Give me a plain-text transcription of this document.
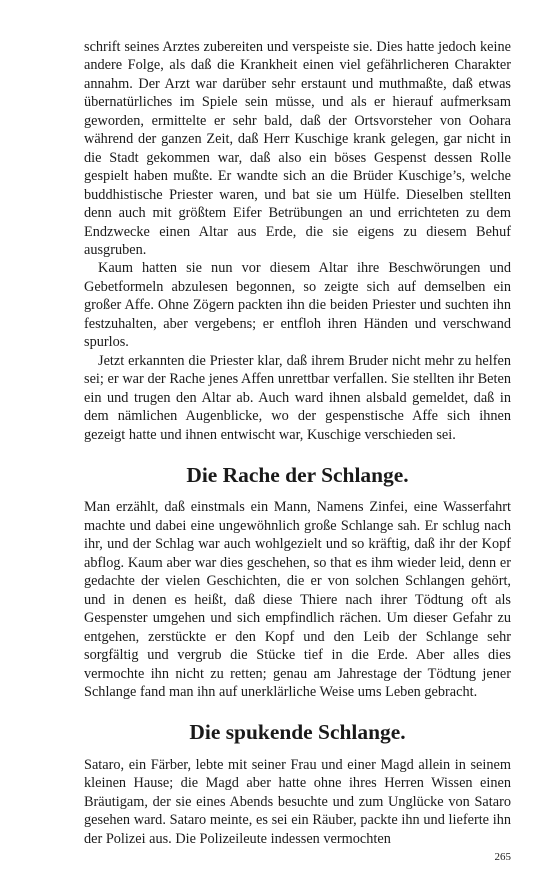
schrift seines Arztes zubereiten und verspeiste sie. Dies hatte jedoch keine andere Folge, als daß die Krankheit einen viel gefährlicheren Charakter annahm. Der Arzt war darüber sehr erstaunt und muthmaßte, daß etwas übernatürliches im Spiele sein müsse, und als er hierauf aufmerksam geworden, ermittelte er sehr bald, daß der Ortsvorsteher von Oohara während der ganzen Zeit, daß Herr Kuschige krank gelegen, gar nicht in die Stadt gekommen war, daß also ein böses Gespenst dessen Rolle gespielt haben mußte. Er wandte sich an die Brüder Kuschige’s, welche buddhistische Priester waren, und bat sie um Hülfe. Dieselben stellten denn auch mit größtem Eifer Betrübungen an und errichteten zu dem Endzwecke einen Altar aus Erde, die sie eigens zu diesem Behuf ausgruben.

Kaum hatten sie nun vor diesem Altar ihre Beschwörungen und Gebetformeln abzulesen begonnen, so zeigte sich auf demselben ein großer Affe. Ohne Zögern packten ihn die beiden Priester und suchten ihn festzuhalten, aber vergebens; er entfloh ihren Händen und verschwand spurlos.

Jetzt erkannten die Priester klar, daß ihrem Bruder nicht mehr zu helfen sei; er war der Rache jenes Affen unrettbar verfallen. Sie stellten ihr Beten ein und trugen den Altar ab. Auch ward ihnen alsbald gemeldet, daß in dem nämlichen Augenblicke, wo der gespenstische Affe sich ihnen gezeigt hatte und ihnen entwischt war, Kuschige verschieden sei.

Die Rache der Schlange.

Man erzählt, daß einstmals ein Mann, Namens Zinfei, eine Wasserfahrt machte und dabei eine ungewöhnlich große Schlange sah. Er schlug nach ihr, und der Schlag war auch wohlgezielt und so kräftig, daß ihr der Kopf abflog. Kaum aber war dies geschehen, so that es ihm wieder leid, denn er gedachte der vielen Geschichten, die er von solchen Schlangen gehört, und in denen es heißt, daß diese Thiere nach ihrer Tödtung oft als Gespenster umgehen und sich empfindlich rächen. Um dieser Gefahr zu entgehen, zerstückte er den Kopf und den Leib der Schlange sehr sorgfältig und vergrub die Stücke tief in die Erde. Aber alles dies vermochte ihn nicht zu retten; genau am Jahrestage der Tödtung jener Schlange fand man ihn auf unerklärliche Weise ums Leben gebracht.

Die spukende Schlange.

Sataro, ein Färber, lebte mit seiner Frau und einer Magd allein in seinem kleinen Hause; die Magd aber hatte ohne ihres Herren Wissen einen Bräutigam, der sie eines Abends besuchte und zum Unglücke von Sataro gesehen ward. Sataro meinte, es sei ein Räuber, packte ihn und lieferte ihn der Polizei aus. Die Polizeileute indessen vermochten

265
